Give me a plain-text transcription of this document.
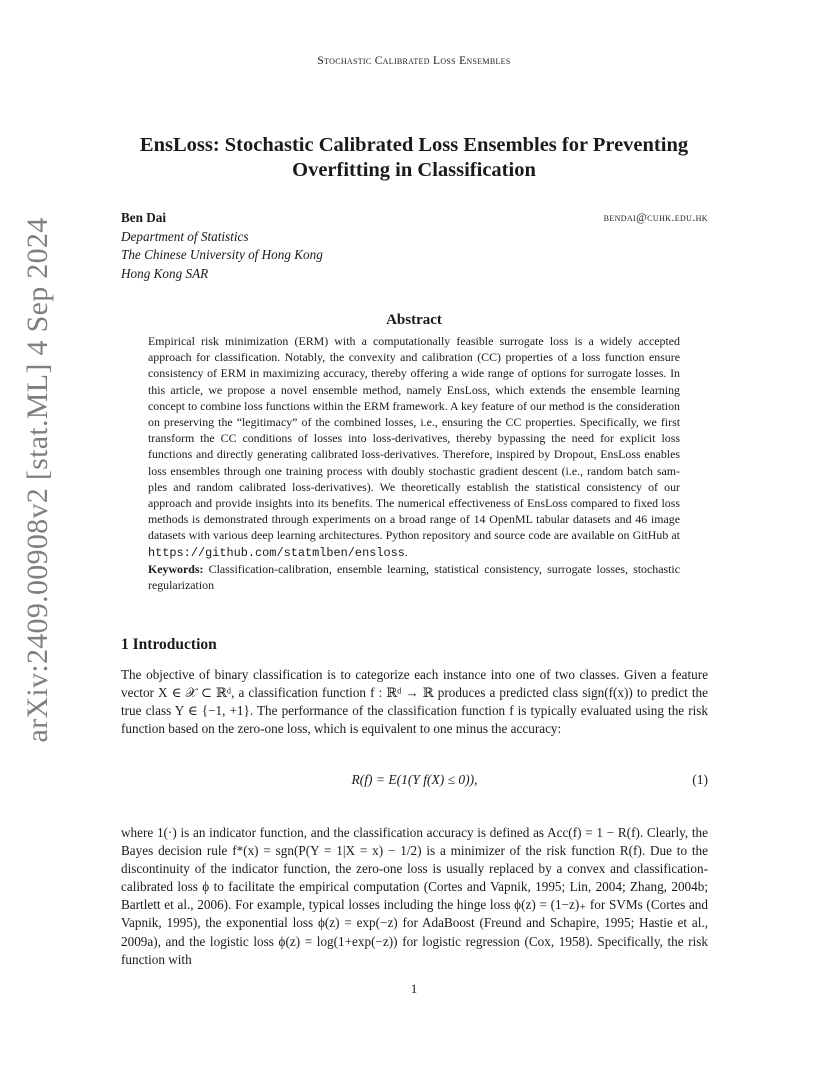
Stochastic Calibrated Loss Ensembles
arXiv:2409.00908v2 [stat.ML] 4 Sep 2024
EnsLoss: Stochastic Calibrated Loss Ensembles for Preventing
Overfitting in Classification
Ben Dai	bendai@cuhk.edu.hk
Department of Statistics
The Chinese University of Hong Kong
Hong Kong SAR
Abstract

Empirical risk minimization (ERM) with a computationally feasible surrogate loss is a widely accepted approach for classification. Notably, the convexity and calibration (CC) properties of a loss function ensure consistency of ERM in maximizing accuracy, thereby offering a wide range of options for surrogate losses. In this article, we propose a novel ensemble method, namely EnsLoss, which extends the ensemble learning concept to combine loss functions within the ERM framework. A key feature of our method is the consideration on preserving the “legitimacy” of the combined losses, i.e., ensuring the CC properties. Specifically, we first transform the CC conditions of losses into loss-derivatives, thereby bypassing the need for explicit loss functions and directly generating calibrated loss-derivatives. Therefore, inspired by Dropout, EnsLoss enables loss ensembles through one training process with doubly stochastic gradient descent (i.e., random batch samples and random calibrated loss-derivatives). We theoretically establish the statistical consistency of our approach and provide insights into its benefits. The numerical effectiveness of EnsLoss compared to fixed loss methods is demonstrated through experiments on a broad range of 14 OpenML tabular datasets and 46 image datasets with various deep learning architectures. Python repository and source code are available on GitHub at https://github.com/statmlben/ensloss.

Keywords: Classification-calibration, ensemble learning, statistical consistency, surrogate losses, stochastic regularization

1 Introduction

The objective of binary classification is to categorize each instance into one of two classes. Given a feature vector X ∈ 𝒳 ⊂ ℝᵈ, a classification function f : ℝᵈ → ℝ produces a predicted class sign(f(x)) to predict the true class Y ∈ {−1, +1}. The performance of the classification function f is typically evaluated using the risk function based on the zero-one loss, which is equivalent to one minus the accuracy:

R(f) = E(1(Y f(X) ≤ 0)),	(1)

where 1(·) is an indicator function, and the classification accuracy is defined as Acc(f) = 1 − R(f). Clearly, the Bayes decision rule f*(x) = sgn(P(Y = 1|X = x) − 1/2) is a minimizer of the risk function R(f). Due to the discontinuity of the indicator function, the zero-one loss is usually replaced by a convex and classification-calibrated loss ϕ to facilitate the empirical computation (Cortes and Vapnik, 1995; Lin, 2004; Zhang, 2004b; Bartlett et al., 2006). For example, typical losses including the hinge loss ϕ(z) = (1−z)₊ for SVMs (Cortes and Vapnik, 1995), the exponential loss ϕ(z) = exp(−z) for AdaBoost (Freund and Schapire, 1995; Hastie et al., 2009a), and the logistic loss ϕ(z) = log(1+exp(−z)) for logistic regression (Cox, 1958). Specifically, the risk function with

1
